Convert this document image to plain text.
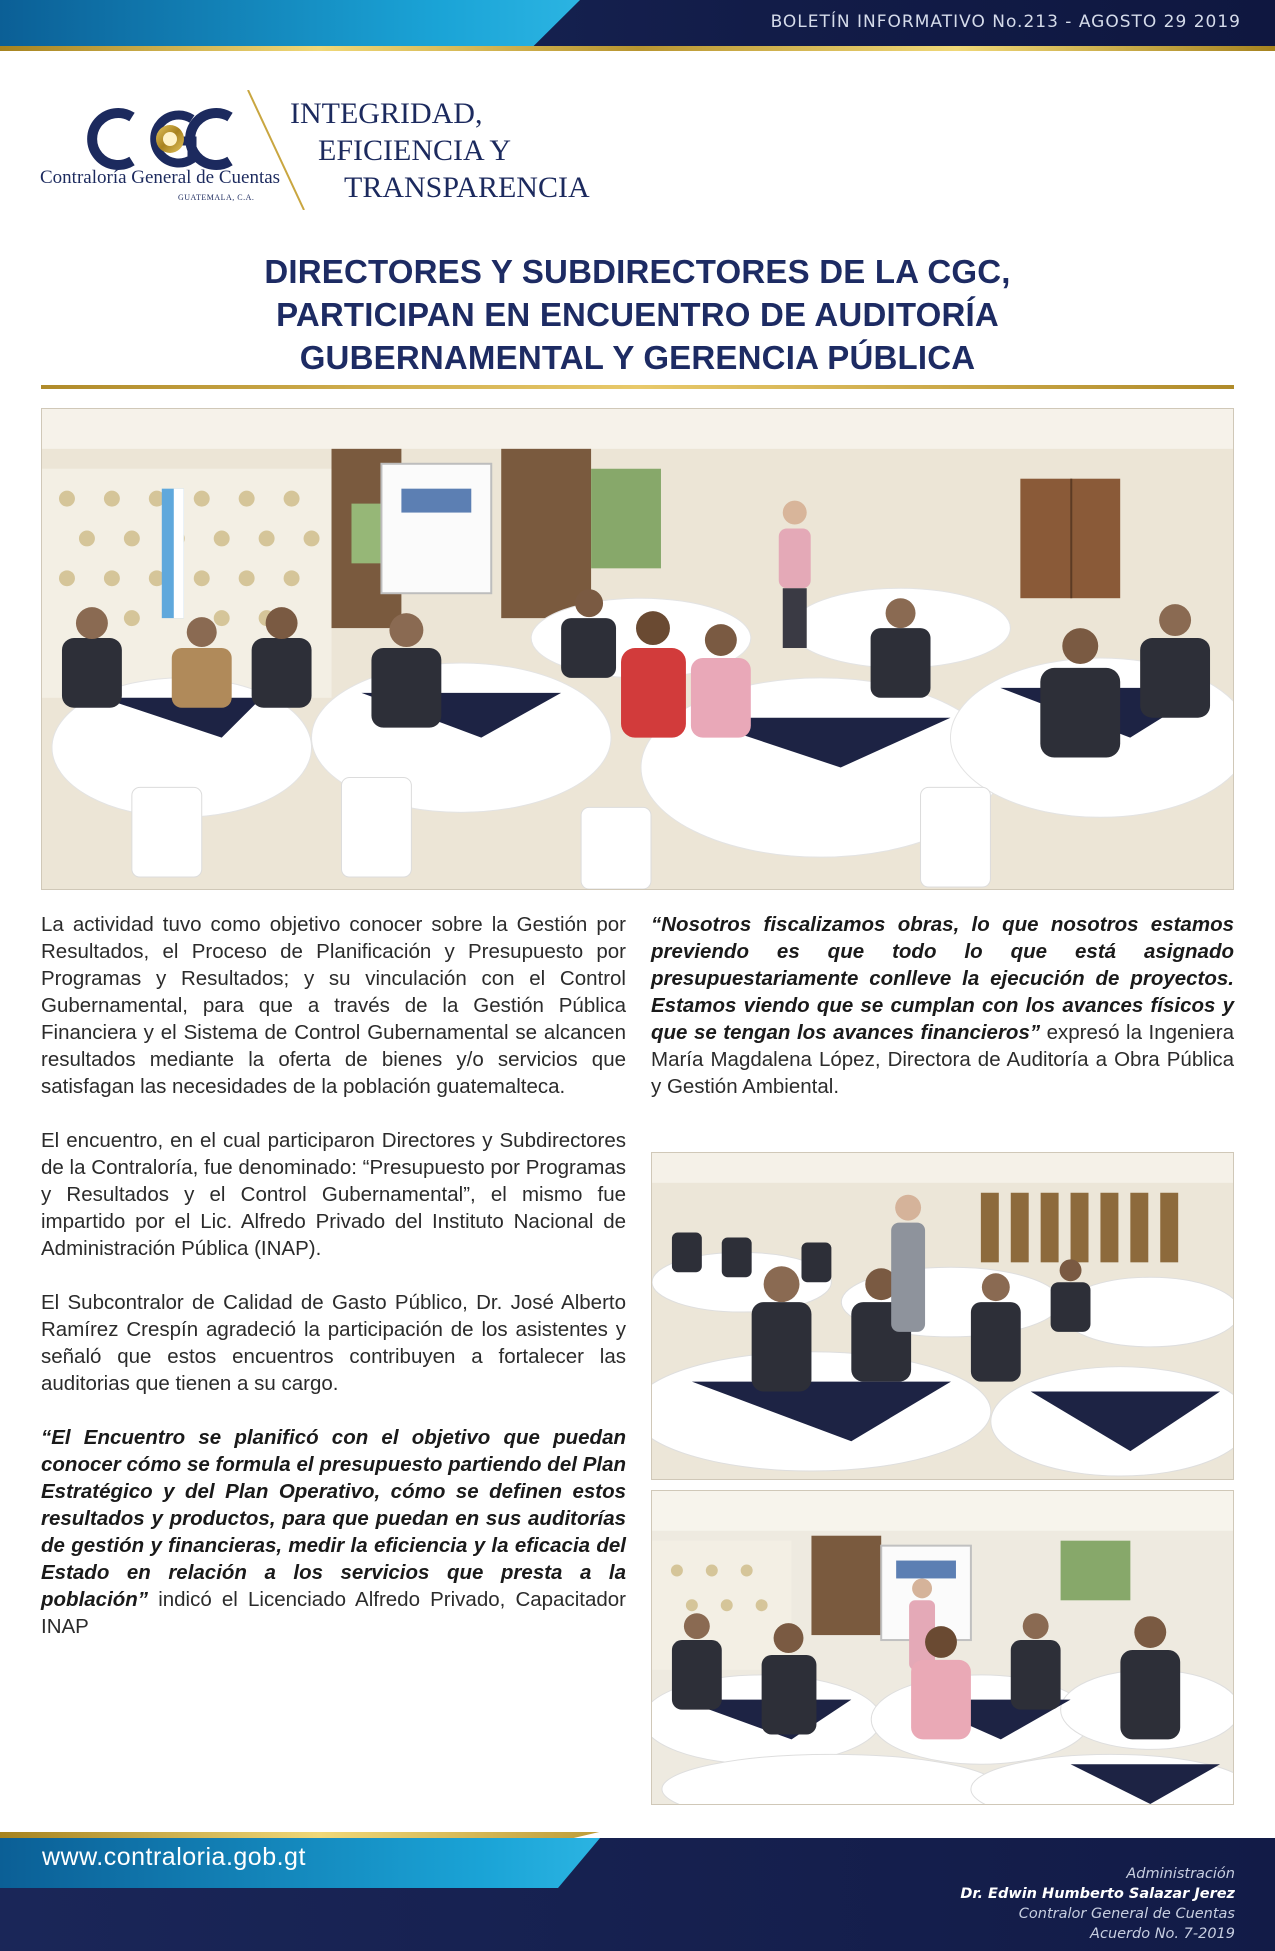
BOLETÍN INFORMATIVO No.213 - AGOSTO 29 2019
Contraloría General de Cuentas
GUATEMALA, C.A.
INTEGRIDAD,
EFICIENCIA Y
TRANSPARENCIA
DIRECTORES Y SUBDIRECTORES DE LA CGC,
PARTICIPAN EN ENCUENTRO DE AUDITORÍA
GUBERNAMENTAL Y GERENCIA PÚBLICA

La actividad tuvo como objetivo conocer sobre la Gestión por Resultados, el Proceso de Planificación y Presupuesto por Programas y Resultados; y su vinculación con el Control Gubernamental, para que a través de la Gestión Pública Financiera y el Sistema de Control Gubernamental se alcancen resultados mediante la oferta de bienes y/o servicios que satisfagan las necesidades de la población guatemalteca.

El encuentro, en el cual participaron Directores y Subdirectores de la Contraloría, fue denominado: “Presupuesto por Programas y Resultados y el Control Gubernamental”, el mismo fue impartido por el Lic. Alfredo Privado del Instituto Nacional de Administración Pública (INAP).

El Subcontralor de Calidad de Gasto Público, Dr. José Alberto Ramírez Crespín agradeció la participación de los asistentes y señaló que estos encuentros contribuyen a fortalecer las auditorias que tienen a su cargo.

“El Encuentro se planificó con el objetivo que puedan conocer cómo se formula el presupuesto partiendo del Plan Estratégico y del Plan Operativo, cómo se definen estos resultados y productos, para que puedan en sus auditorías de gestión y financieras, medir la eficiencia y la eficacia del Estado en relación a los servicios que presta a la población” indicó el Licenciado Alfredo Privado, Capacitador INAP

“Nosotros fiscalizamos obras, lo que nosotros estamos previendo es que todo lo que está asignado presupuestariamente conlleve la ejecución de proyectos. Estamos viendo que se cumplan con los avances físicos y que se tengan los avances financieros” expresó la Ingeniera María Magdalena López, Directora de Auditoría a Obra Pública y Gestión Ambiental.

www.contraloria.gob.gt
Administración
Dr. Edwin Humberto Salazar Jerez
Contralor General de Cuentas
Acuerdo No. 7-2019
